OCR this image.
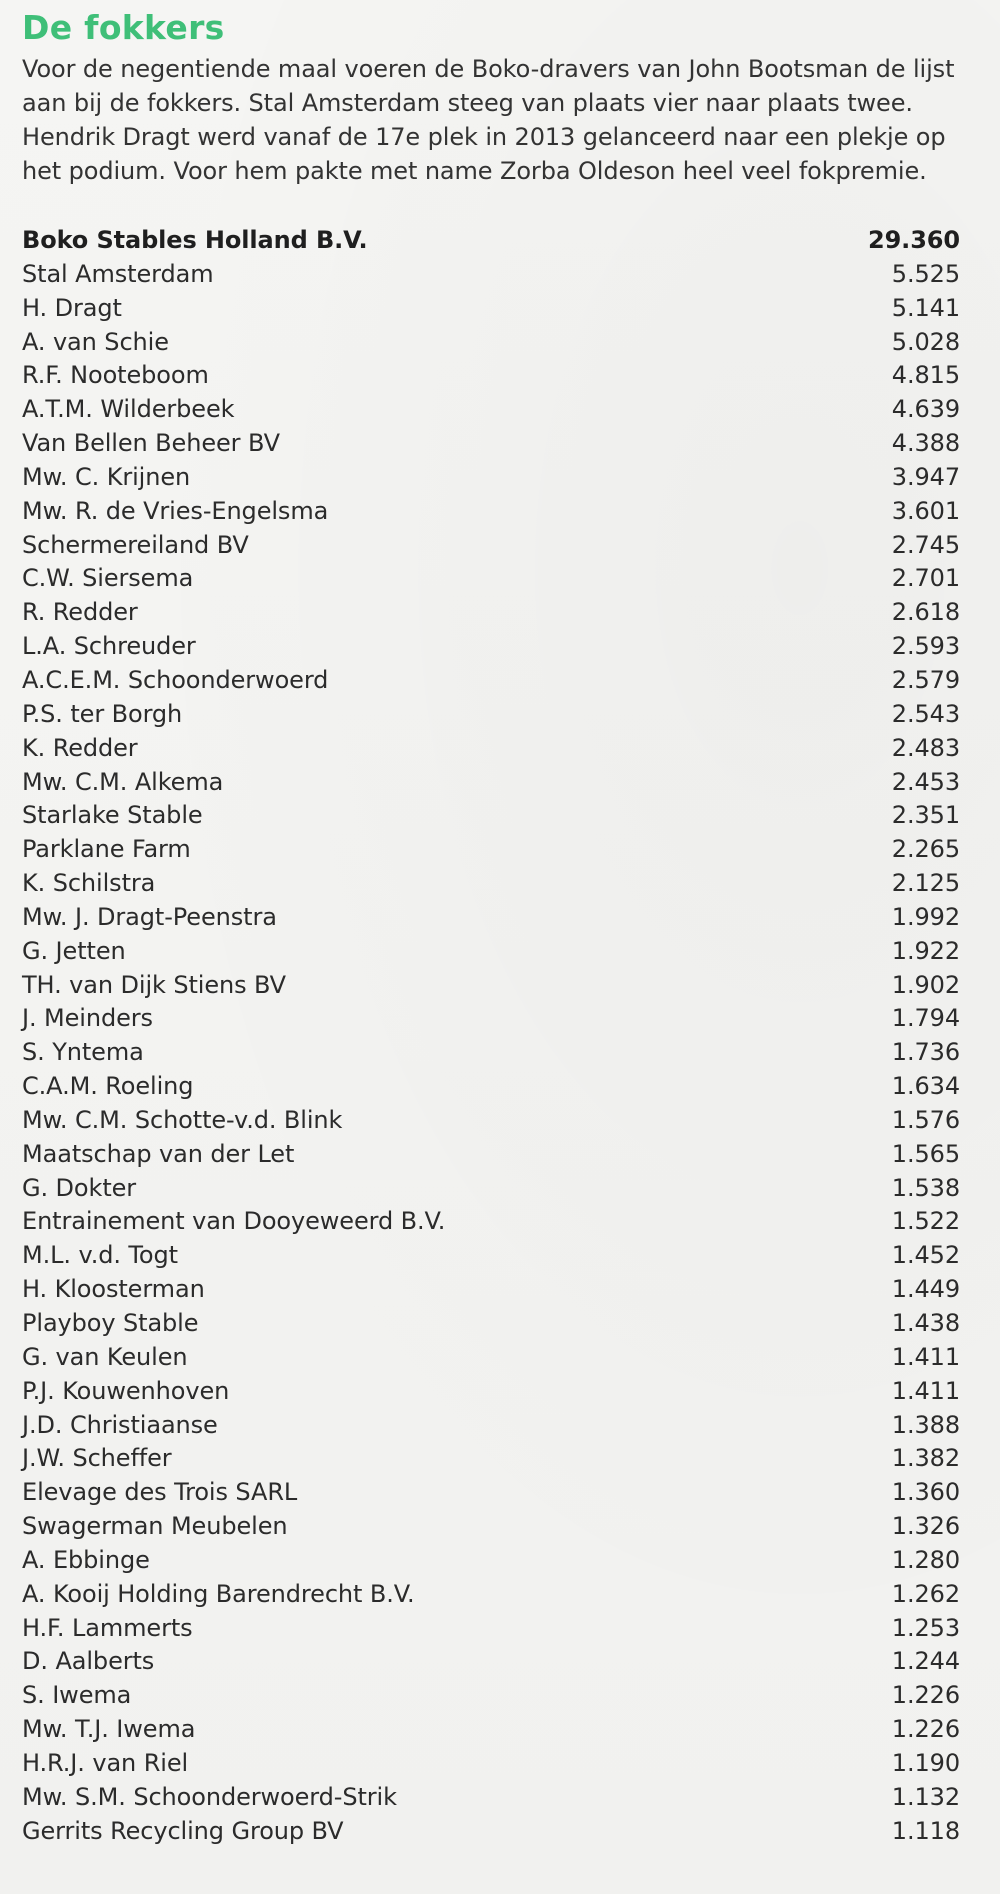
De fokkers

Voor de negentiende maal voeren de Boko-dravers van John Bootsman de lijst aan bij de fokkers. Stal Amsterdam steeg van plaats vier naar plaats twee. Hendrik Dragt werd vanaf de 17e plek in 2013 gelanceerd naar een plekje op het podium. Voor hem pakte met name Zorba Oldeson heel veel fokpremie.

Boko Stables Holland B.V.	29.360
Stal Amsterdam	5.525
H. Dragt	5.141
A. van Schie	5.028
R.F. Nooteboom	4.815
A.T.M. Wilderbeek	4.639
Van Bellen Beheer BV	4.388
Mw. C. Krijnen	3.947
Mw. R. de Vries-Engelsma	3.601
Schermereiland BV	2.745
C.W. Siersema	2.701
R. Redder	2.618
L.A. Schreuder	2.593
A.C.E.M. Schoonderwoerd	2.579
P.S. ter Borgh	2.543
K. Redder	2.483
Mw. C.M. Alkema	2.453
Starlake Stable	2.351
Parklane Farm	2.265
K. Schilstra	2.125
Mw. J. Dragt-Peenstra	1.992
G. Jetten	1.922
TH. van Dijk Stiens BV	1.902
J. Meinders	1.794
S. Yntema	1.736
C.A.M. Roeling	1.634
Mw. C.M. Schotte-v.d. Blink	1.576
Maatschap van der Let	1.565
G. Dokter	1.538
Entrainement van Dooyeweerd B.V.	1.522
M.L. v.d. Togt	1.452
H. Kloosterman	1.449
Playboy Stable	1.438
G. van Keulen	1.411
P.J. Kouwenhoven	1.411
J.D. Christiaanse	1.388
J.W. Scheffer	1.382
Elevage des Trois SARL	1.360
Swagerman Meubelen	1.326
A. Ebbinge	1.280
A. Kooij Holding Barendrecht B.V.	1.262
H.F. Lammerts	1.253
D. Aalberts	1.244
S. Iwema	1.226
Mw. T.J. Iwema	1.226
H.R.J. van Riel	1.190
Mw. S.M. Schoonderwoerd-Strik	1.132
Gerrits Recycling Group BV	1.118
